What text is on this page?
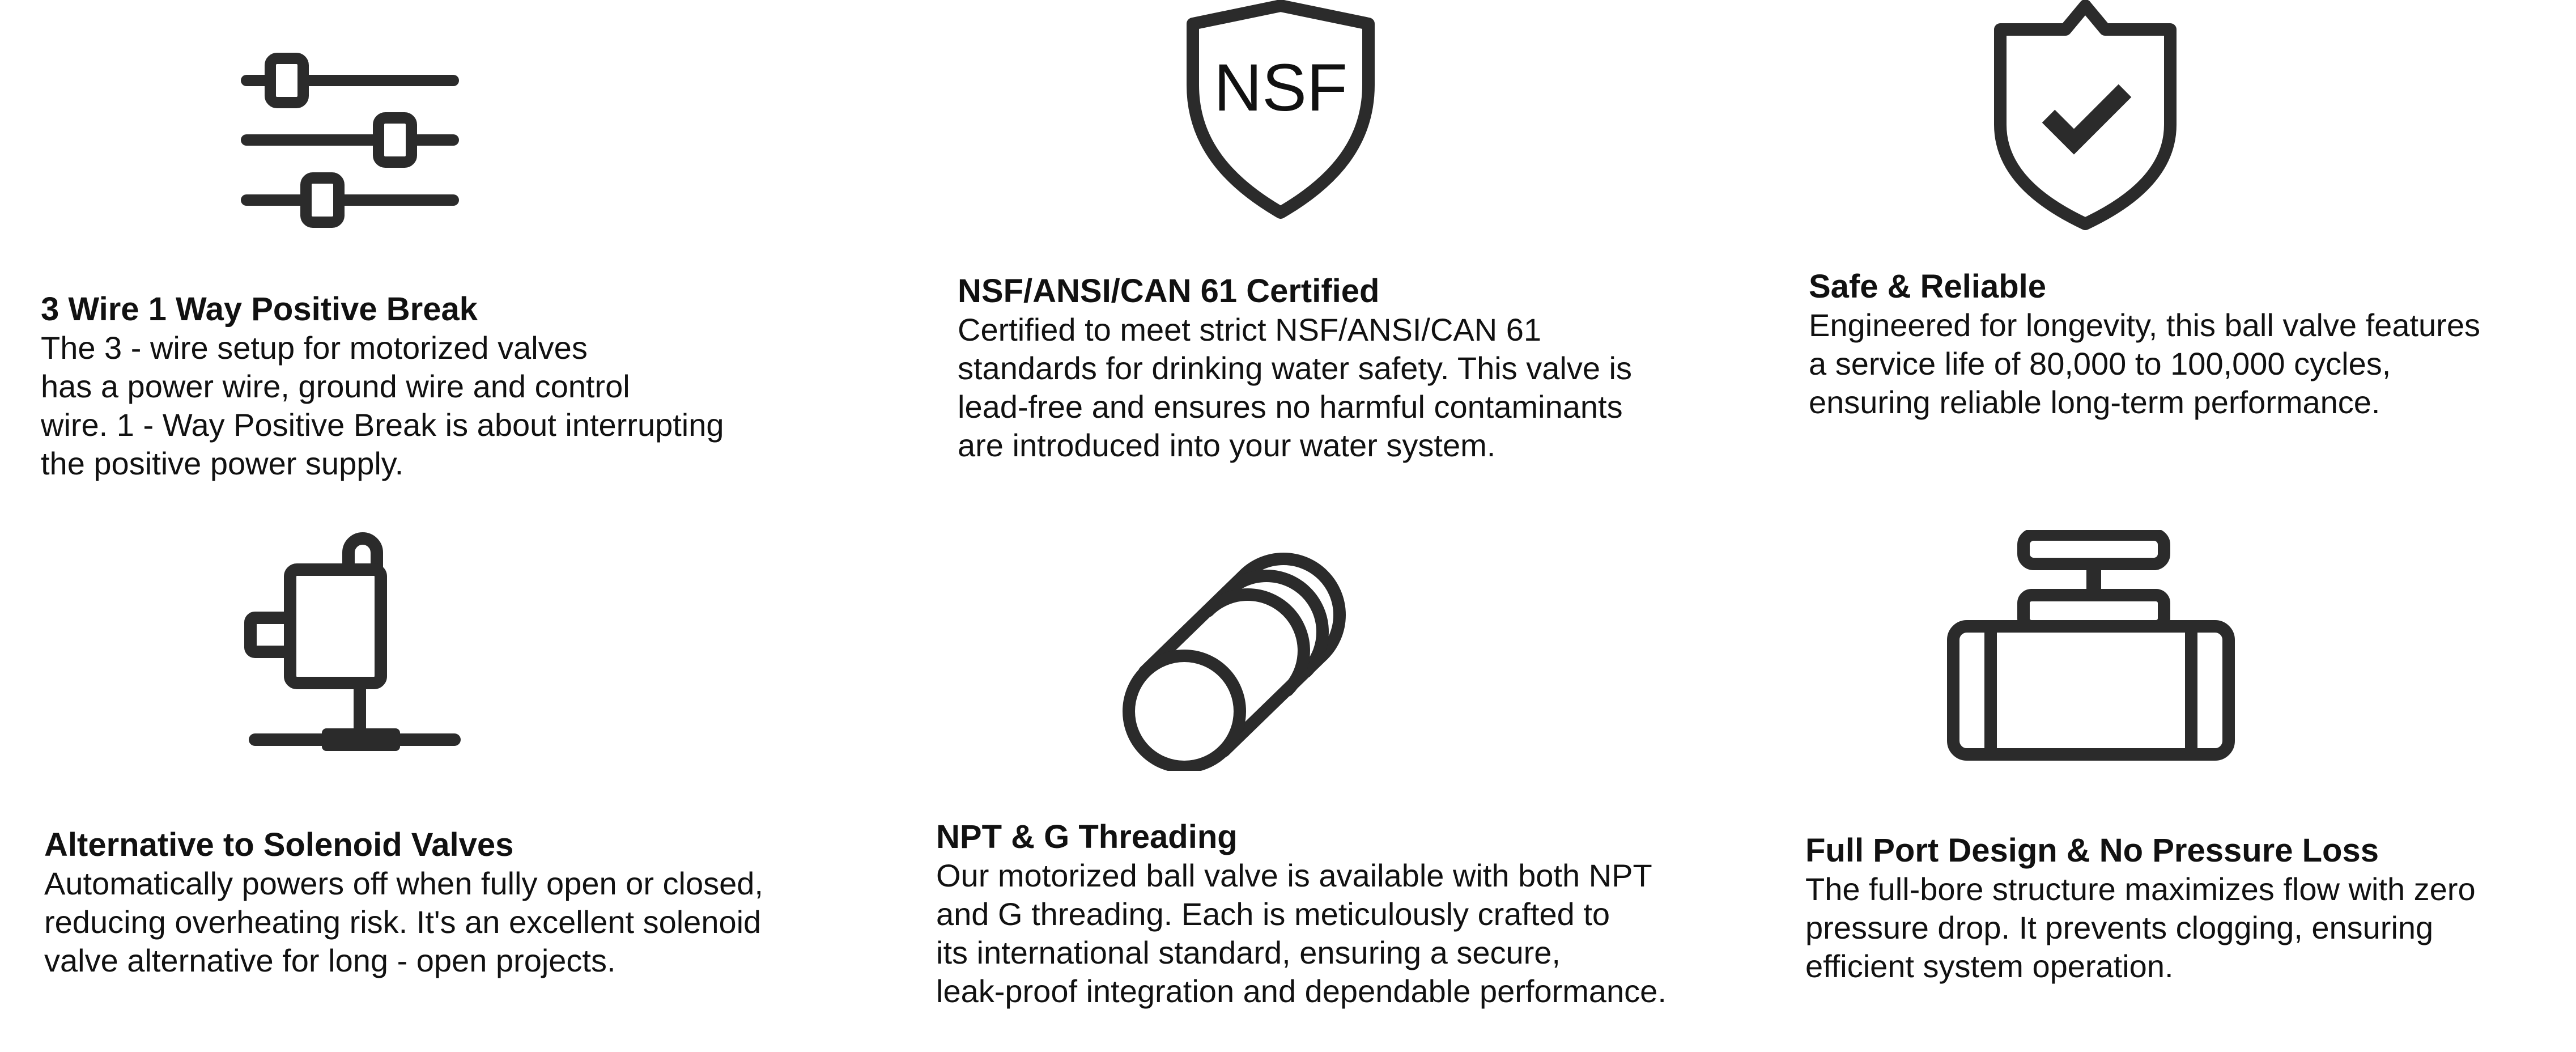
3 Wire 1 Way Positive Break
The 3 - wire setup for motorized valves
has a power wire, ground wire and control
wire. 1 - Way Positive Break is about interrupting
the positive power supply.
NSF
NSF/ANSI/CAN 61 Certified
Certified to meet strict NSF/ANSI/CAN 61
standards for drinking water safety. This valve is
lead-free and ensures no harmful contaminants
are introduced into your water system.
Safe & Reliable
Engineered for longevity, this ball valve features
a service life of 80,000 to 100,000 cycles,
ensuring reliable long-term performance.
Alternative to Solenoid Valves
Automatically powers off when fully open or closed,
reducing overheating risk. It's an excellent solenoid
valve alternative for long - open projects.
NPT & G Threading
Our motorized ball valve is available with both NPT
and G threading. Each is meticulously crafted to
its international standard, ensuring a secure,
leak-proof integration and dependable performance.
Full Port Design & No Pressure Loss
The full-bore structure maximizes flow with zero
pressure drop. It prevents clogging, ensuring
efficient system operation.
